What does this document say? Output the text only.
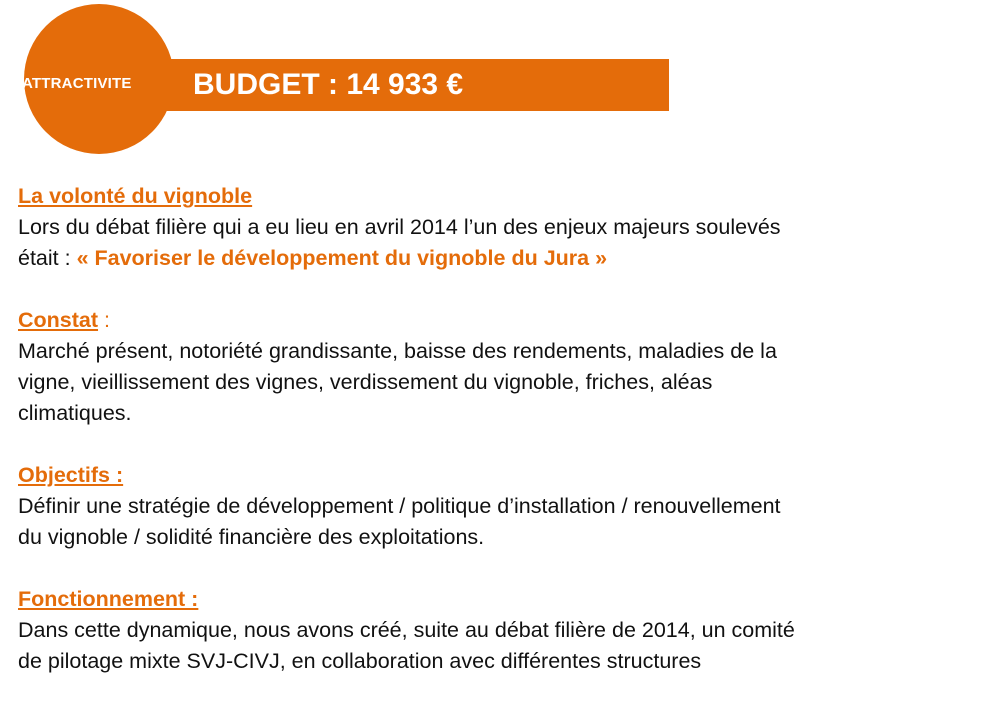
ATTRACTIVITE BUDGET : 14 933 €
La volonté du vignoble
Lors du débat filière qui a eu lieu en avril 2014 l’un des enjeux majeurs soulevés
était : « Favoriser le développement du vignoble du Jura »
Constat :
Marché présent, notoriété grandissante, baisse des rendements, maladies de la
vigne, vieillissement des vignes, verdissement du vignoble, friches, aléas
climatiques.
Objectifs :
Définir une stratégie de développement / politique d’installation / renouvellement
du vignoble / solidité financière des exploitations.
Fonctionnement :
Dans cette dynamique, nous avons créé, suite au débat filière de 2014, un comité
de pilotage mixte SVJ-CIVJ, en collaboration avec différentes structures
